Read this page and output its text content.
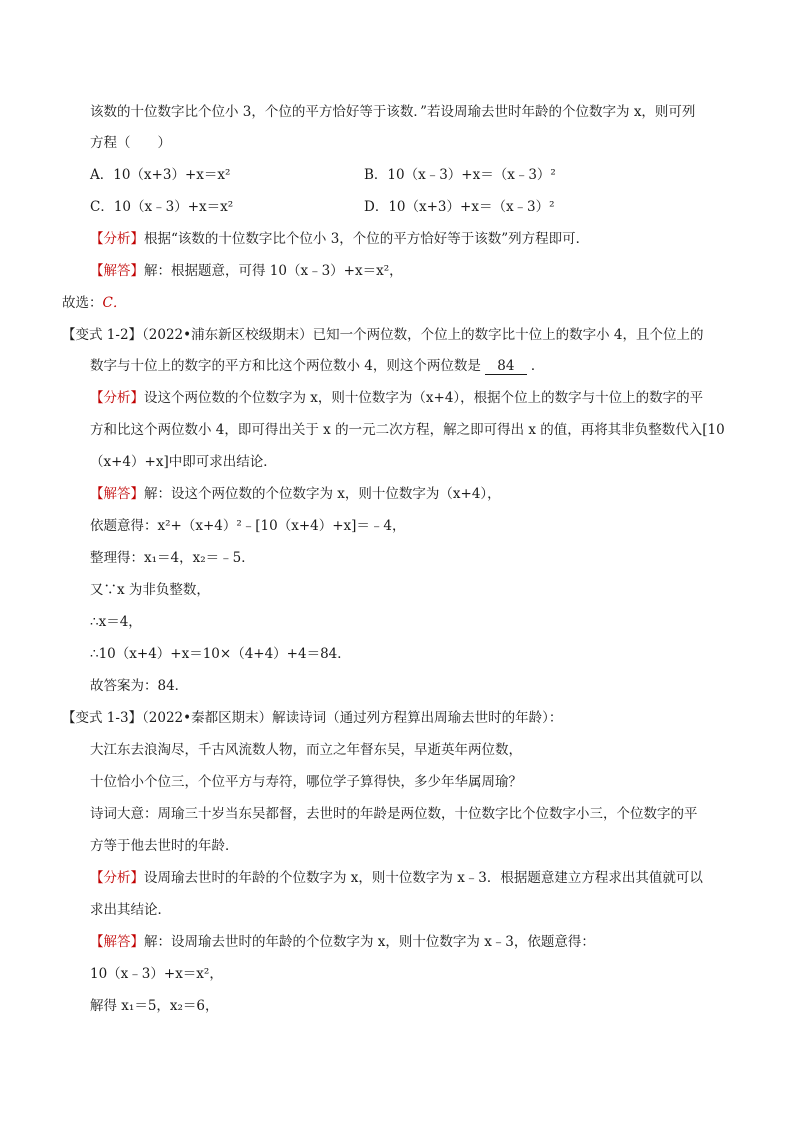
该数的十位数字比个位小 3，个位的平方恰好等于该数．”若设周瑜去世时年龄的个位数字为 x，则可列
方程（　　）
A．10（x+3）+x＝x²	B．10（x﹣3）+x＝（x﹣3）²
C．10（x﹣3）+x＝x²	D．10（x+3）+x＝（x﹣3）²
【分析】根据“该数的十位数字比个位小 3，个位的平方恰好等于该数”列方程即可．
【解答】解：根据题意，可得 10（x﹣3）+x＝x²，
故选：C．
【变式 1-2】（2022•浦东新区校级期末）已知一个两位数，个位上的数字比十位上的数字小 4，且个位上的
数字与十位上的数字的平方和比这个两位数小 4，则这个两位数是 84 ．
【分析】设这个两位数的个位数字为 x，则十位数字为（x+4），根据个位上的数字与十位上的数字的平
方和比这个两位数小 4，即可得出关于 x 的一元二次方程，解之即可得出 x 的值，再将其非负整数代入[10
（x+4）+x]中即可求出结论．
【解答】解：设这个两位数的个位数字为 x，则十位数字为（x+4），
依题意得：x²+（x+4）²﹣[10（x+4）+x]＝﹣4，
整理得：x₁＝4，x₂＝﹣5．
又∵x 为非负整数，
∴x＝4，
∴10（x+4）+x＝10×（4+4）+4＝84．
故答案为：84．
【变式 1-3】（2022•秦都区期末）解读诗词（通过列方程算出周瑜去世时的年龄）：
大江东去浪淘尽，千古风流数人物，而立之年督东吴，早逝英年两位数，
十位恰小个位三，个位平方与寿符，哪位学子算得快，多少年华属周瑜？
诗词大意：周瑜三十岁当东吴都督，去世时的年龄是两位数，十位数字比个位数字小三，个位数字的平
方等于他去世时的年龄．
【分析】设周瑜去世时的年龄的个位数字为 x，则十位数字为 x﹣3．根据题意建立方程求出其值就可以
求出其结论．
【解答】解：设周瑜去世时的年龄的个位数字为 x，则十位数字为 x﹣3，依题意得：
10（x﹣3）+x＝x²，
解得 x₁＝5，x₂＝6，
